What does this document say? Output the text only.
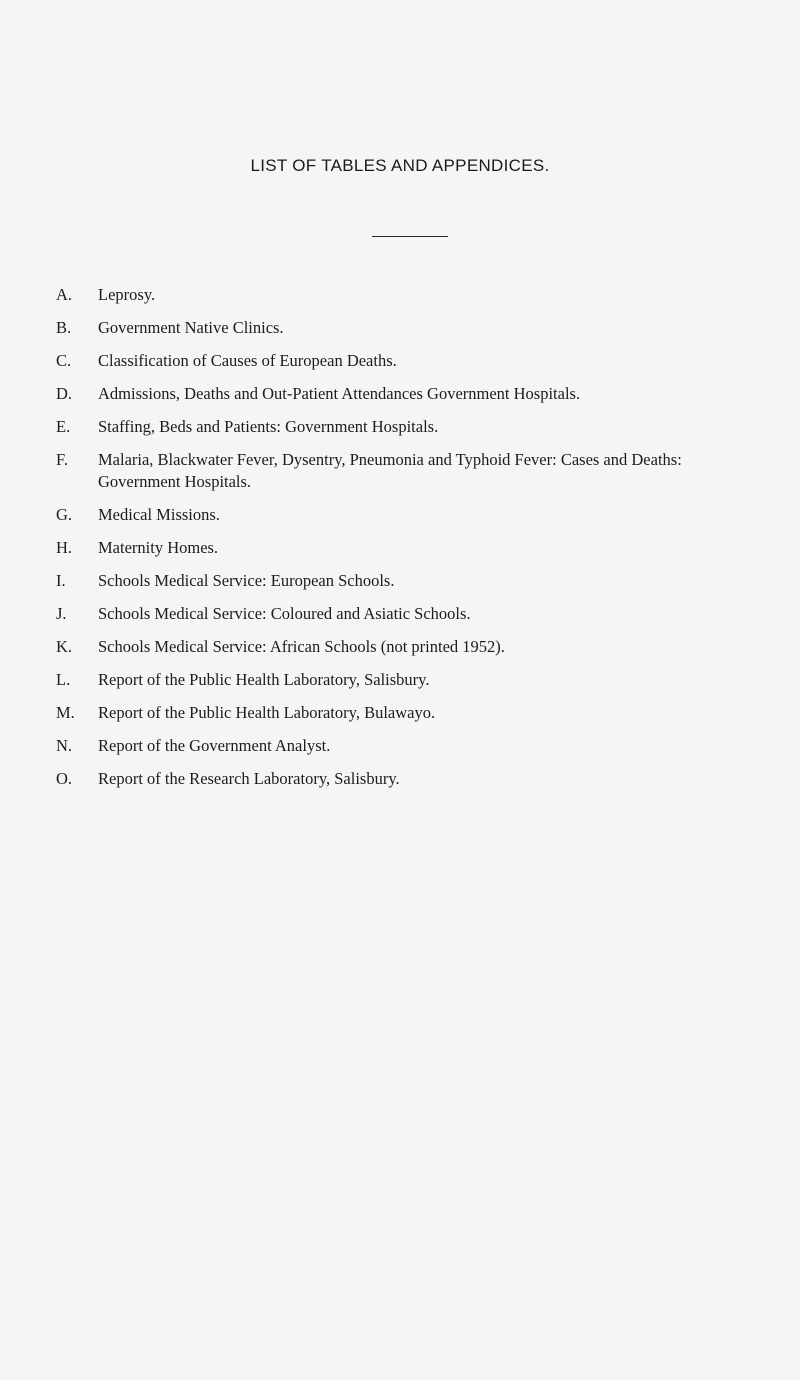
LIST OF TABLES AND APPENDICES.
A. Leprosy.
B. Government Native Clinics.
C. Classification of Causes of European Deaths.
D. Admissions, Deaths and Out-Patient Attendances Government Hospitals.
E. Staffing, Beds and Patients: Government Hospitals.
F. Malaria, Blackwater Fever, Dysentry, Pneumonia and Typhoid Fever: Cases and Deaths:
Government Hospitals.
G. Medical Missions.
H. Maternity Homes.
I. Schools Medical Service: European Schools.
J. Schools Medical Service: Coloured and Asiatic Schools.
K. Schools Medical Service: African Schools (not printed 1952).
L. Report of the Public Health Laboratory, Salisbury.
M. Report of the Public Health Laboratory, Bulawayo.
N. Report of the Government Analyst.
O. Report of the Research Laboratory, Salisbury.
